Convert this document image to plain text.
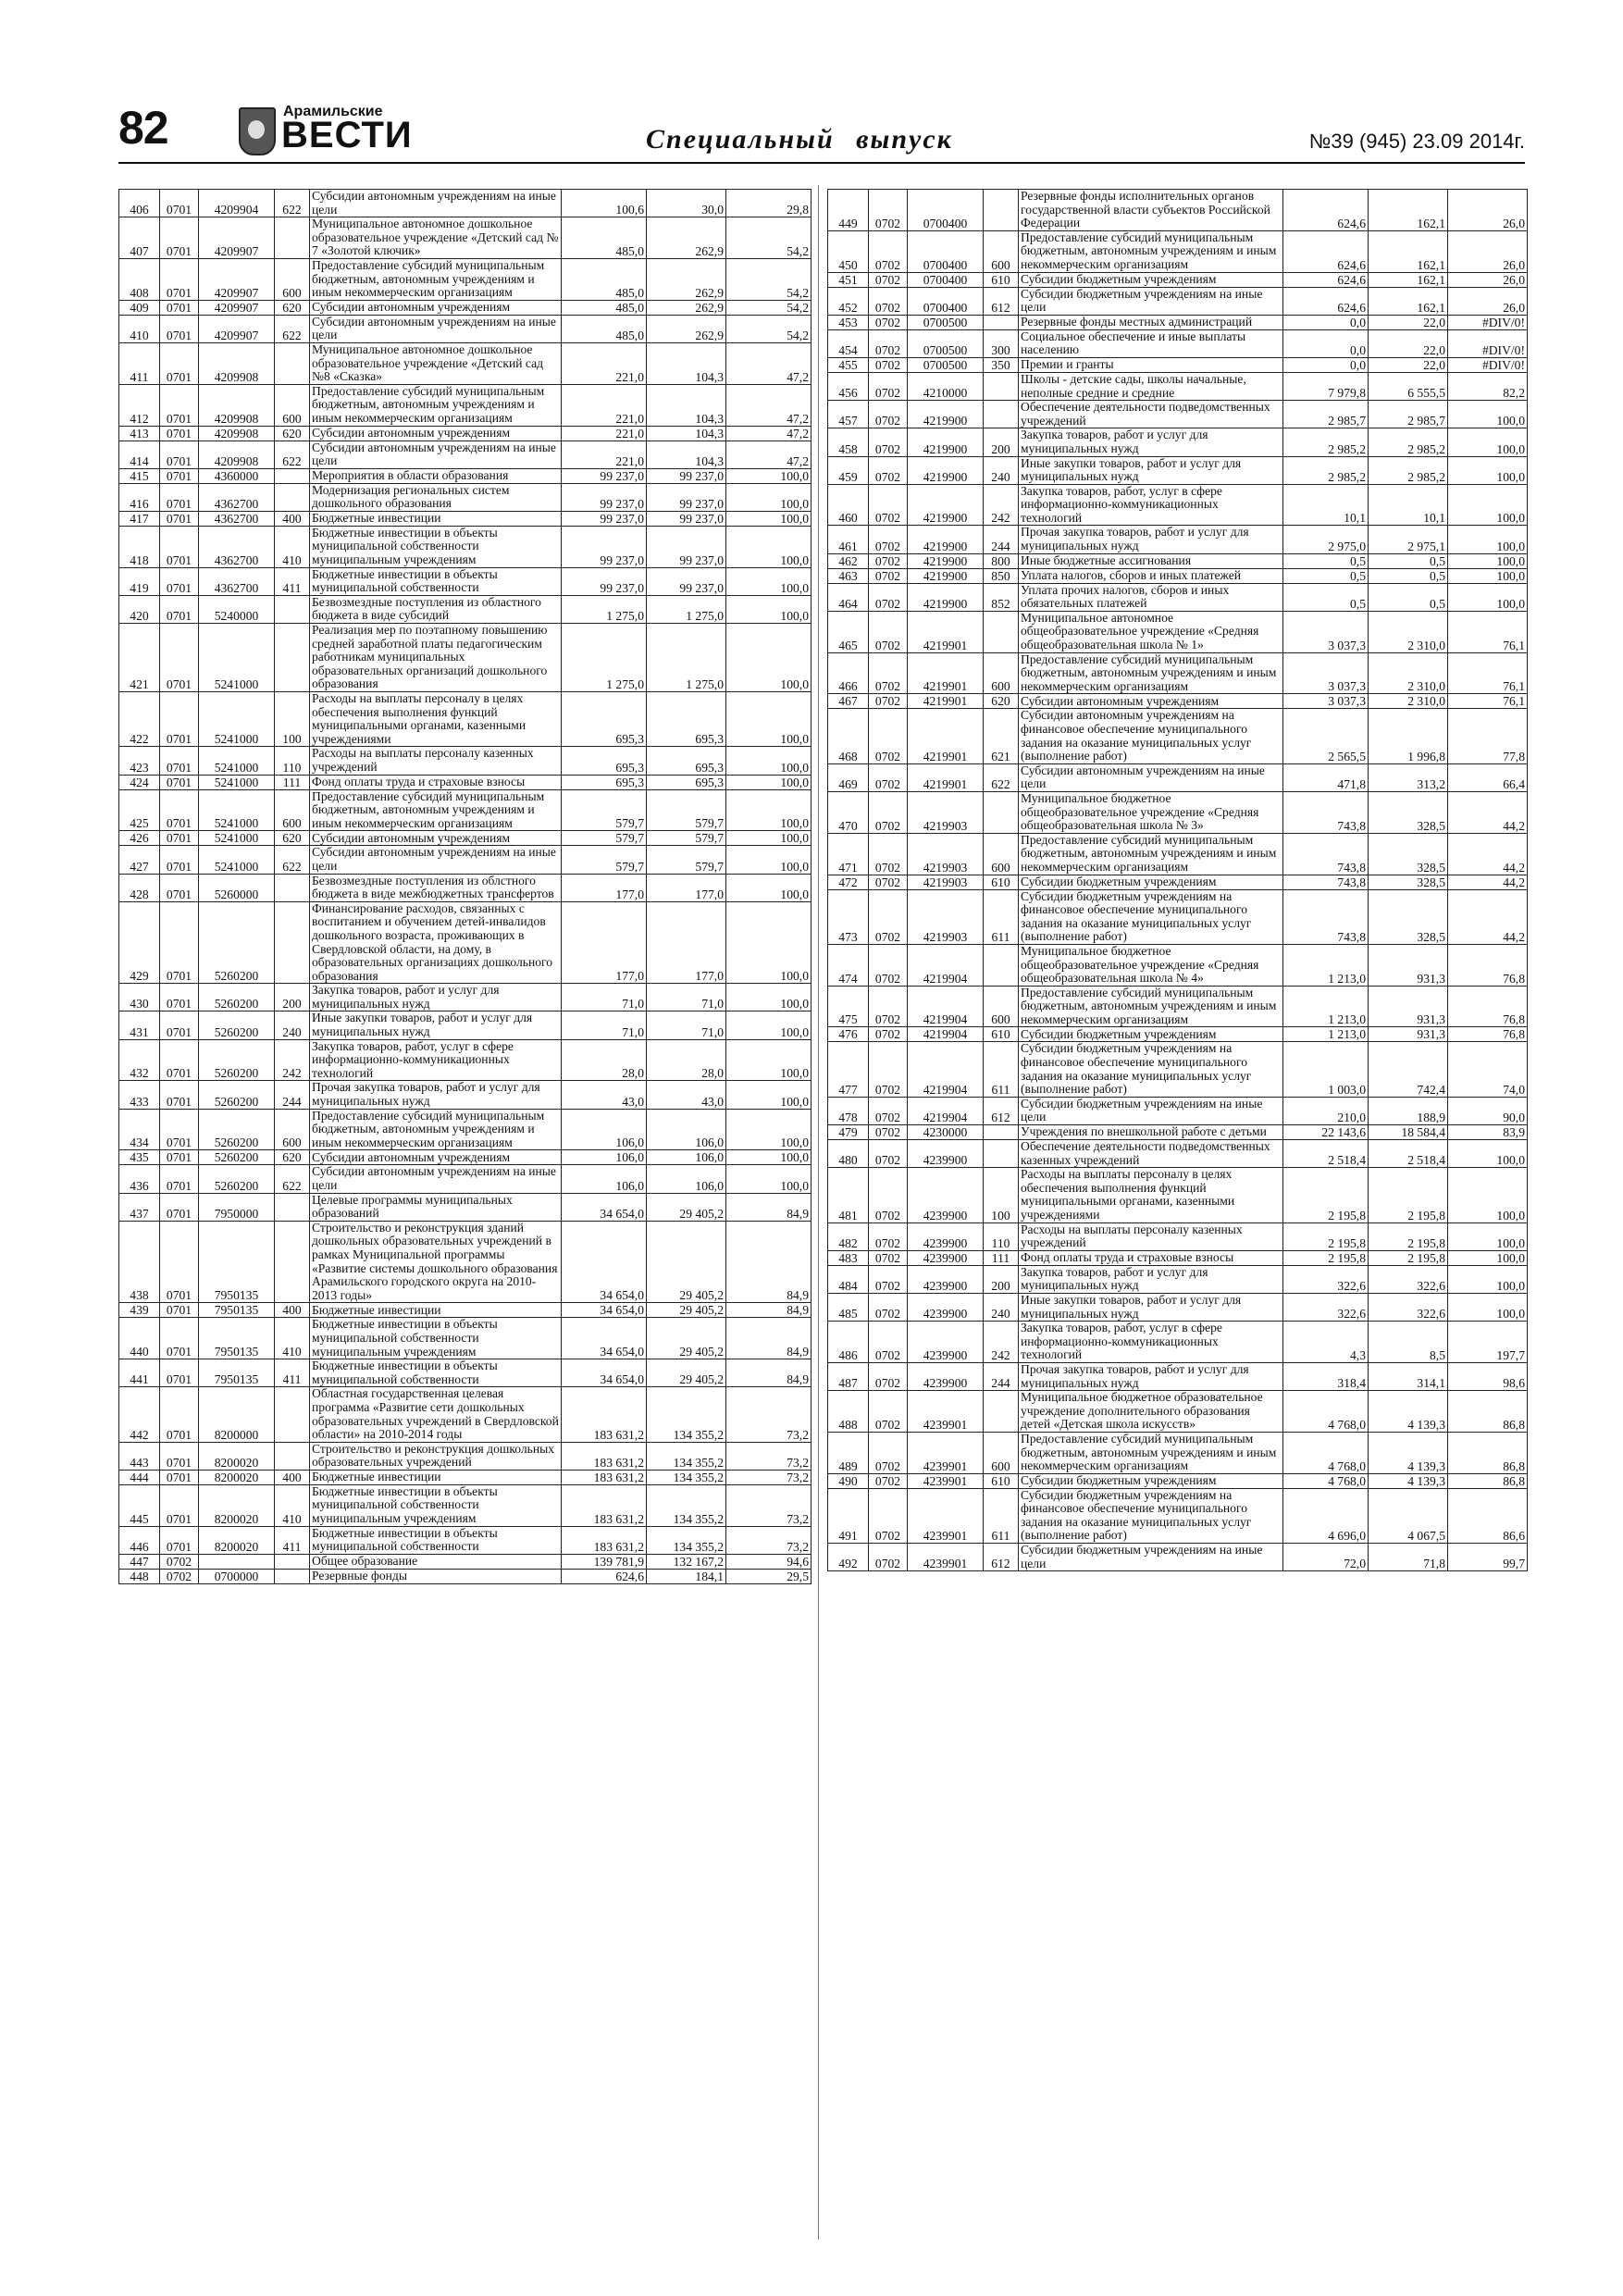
82	Арамильские
ВЕСТИ	Специальный выпуск	№39 (945) 23.09 2014г.
406	0701	4209904	622	Субсидии автономным учреждениям на иные цели	100,6	30,0	29,8
407	0701	4209907		Муниципальное автономное дошкольное образовательное учреждение «Детский сад № 7 «Золотой ключик»	485,0	262,9	54,2
408	0701	4209907	600	Предоставление субсидий муниципальным бюджетным, автономным учреждениям и иным некоммерческим организациям	485,0	262,9	54,2
409	0701	4209907	620	Субсидии автономным учреждениям	485,0	262,9	54,2
410	0701	4209907	622	Субсидии автономным учреждениям на иные цели	485,0	262,9	54,2
411	0701	4209908		Муниципальное автономное дошкольное образовательное учреждение «Детский сад №8 «Сказка»	221,0	104,3	47,2
412	0701	4209908	600	Предоставление субсидий муниципальным бюджетным, автономным учреждениям и иным некоммерческим организациям	221,0	104,3	47,2
413	0701	4209908	620	Субсидии автономным учреждениям	221,0	104,3	47,2
414	0701	4209908	622	Субсидии автономным учреждениям на иные цели	221,0	104,3	47,2
415	0701	4360000		Мероприятия в области образования	99 237,0	99 237,0	100,0
416	0701	4362700		Модернизация региональных систем дошкольного образования	99 237,0	99 237,0	100,0
417	0701	4362700	400	Бюджетные инвестиции	99 237,0	99 237,0	100,0
418	0701	4362700	410	Бюджетные инвестиции в объекты муниципальной собственности муниципальным учреждениям	99 237,0	99 237,0	100,0
419	0701	4362700	411	Бюджетные инвестиции в объекты муниципальной собственности	99 237,0	99 237,0	100,0
420	0701	5240000		Безвозмездные поступления из областного бюджета в виде субсидий	1 275,0	1 275,0	100,0
421	0701	5241000		Реализация мер по поэтапному повышению средней заработной платы педагогическим работникам муниципальных образовательных организаций дошкольного образования	1 275,0	1 275,0	100,0
422	0701	5241000	100	Расходы на выплаты персоналу в целях обеспечения выполнения функций муниципальными органами, казенными учреждениями	695,3	695,3	100,0
423	0701	5241000	110	Расходы на выплаты персоналу казенных учреждений	695,3	695,3	100,0
424	0701	5241000	111	Фонд оплаты труда и страховые взносы	695,3	695,3	100,0
425	0701	5241000	600	Предоставление субсидий муниципальным бюджетным, автономным учреждениям и иным некоммерческим организациям	579,7	579,7	100,0
426	0701	5241000	620	Субсидии автономным учреждениям	579,7	579,7	100,0
427	0701	5241000	622	Субсидии автономным учреждениям на иные цели	579,7	579,7	100,0
428	0701	5260000		Безвозмездные поступления из облстного бюджета в виде межбюджетных трансфертов	177,0	177,0	100,0
429	0701	5260200		Финансирование расходов, связанных с воспитанием и обучением детей-инвалидов дошкольного возраста, проживающих в Свердловской области, на дому, в образовательных организациях дошкольного образования	177,0	177,0	100,0
430	0701	5260200	200	Закупка товаров, работ и услуг для муниципальных нужд	71,0	71,0	100,0
431	0701	5260200	240	Иные закупки товаров, работ и услуг для муниципальных нужд	71,0	71,0	100,0
432	0701	5260200	242	Закупка товаров, работ, услуг в сфере информационно-коммуникационных технологий	28,0	28,0	100,0
433	0701	5260200	244	Прочая закупка товаров, работ и услуг для муниципальных нужд	43,0	43,0	100,0
434	0701	5260200	600	Предоставление субсидий муниципальным бюджетным, автономным учреждениям и иным некоммерческим организациям	106,0	106,0	100,0
435	0701	5260200	620	Субсидии автономным учреждениям	106,0	106,0	100,0
436	0701	5260200	622	Субсидии автономным учреждениям на иные цели	106,0	106,0	100,0
437	0701	7950000		Целевые программы муниципальных образований	34 654,0	29 405,2	84,9
438	0701	7950135		Строительство и реконструкция зданий дошкольных образовательных учреждений в рамках Муниципальной программы «Развитие системы дошкольного образования Арамильского городского округа на 2010-2013 годы»	34 654,0	29 405,2	84,9
439	0701	7950135	400	Бюджетные инвестиции	34 654,0	29 405,2	84,9
440	0701	7950135	410	Бюджетные инвестиции в объекты муниципальной собственности муниципальным учреждениям	34 654,0	29 405,2	84,9
441	0701	7950135	411	Бюджетные инвестиции в объекты муниципальной собственности	34 654,0	29 405,2	84,9
442	0701	8200000		Областная государственная целевая программа «Развитие сети дошкольных образовательных учреждений в Свердловской области» на 2010-2014 годы	183 631,2	134 355,2	73,2
443	0701	8200020		Строительство и реконструкция дошкольных образовательных учреждений	183 631,2	134 355,2	73,2
444	0701	8200020	400	Бюджетные инвестиции	183 631,2	134 355,2	73,2
445	0701	8200020	410	Бюджетные инвестиции в объекты муниципальной собственности муниципальным учреждениям	183 631,2	134 355,2	73,2
446	0701	8200020	411	Бюджетные инвестиции в объекты муниципальной собственности	183 631,2	134 355,2	73,2
447	0702			Общее образование	139 781,9	132 167,2	94,6
448	0702	0700000		Резервные фонды	624,6	184,1	29,5
449	0702	0700400		Резервные фонды исполнительных органов государственной власти субъектов Российской Федерации	624,6	162,1	26,0
450	0702	0700400	600	Предоставление субсидий муниципальным бюджетным, автономным учреждениям и иным некоммерческим организациям	624,6	162,1	26,0
451	0702	0700400	610	Субсидии бюджетным учреждениям	624,6	162,1	26,0
452	0702	0700400	612	Субсидии бюджетным учреждениям на иные цели	624,6	162,1	26,0
453	0702	0700500		Резервные фонды местных администраций	0,0	22,0	#DIV/0!
454	0702	0700500	300	Социальное обеспечение и иные выплаты населению	0,0	22,0	#DIV/0!
455	0702	0700500	350	Премии и гранты	0,0	22,0	#DIV/0!
456	0702	4210000		Школы - детские сады, школы начальные, неполные средние и средние	7 979,8	6 555,5	82,2
457	0702	4219900		Обеспечение деятельности подведомственных учреждений	2 985,7	2 985,7	100,0
458	0702	4219900	200	Закупка товаров, работ и услуг для муниципальных нужд	2 985,2	2 985,2	100,0
459	0702	4219900	240	Иные закупки товаров, работ и услуг для муниципальных нужд	2 985,2	2 985,2	100,0
460	0702	4219900	242	Закупка товаров, работ, услуг в сфере информационно-коммуникационных технологий	10,1	10,1	100,0
461	0702	4219900	244	Прочая закупка товаров, работ и услуг для муниципальных нужд	2 975,0	2 975,1	100,0
462	0702	4219900	800	Иные бюджетные ассигнования	0,5	0,5	100,0
463	0702	4219900	850	Уплата налогов, сборов и иных платежей	0,5	0,5	100,0
464	0702	4219900	852	Уплата прочих налогов, сборов и иных обязательных платежей	0,5	0,5	100,0
465	0702	4219901		Муниципальное автономное общеобразовательное учреждение «Средняя общеобразовательная школа № 1»	3 037,3	2 310,0	76,1
466	0702	4219901	600	Предоставление субсидий муниципальным бюджетным, автономным учреждениям и иным некоммерческим организациям	3 037,3	2 310,0	76,1
467	0702	4219901	620	Субсидии автономным учреждениям	3 037,3	2 310,0	76,1
468	0702	4219901	621	Субсидии автономным учреждениям на финансовое обеспечение муниципального задания на оказание муниципальных услуг (выполнение работ)	2 565,5	1 996,8	77,8
469	0702	4219901	622	Субсидии автономным учреждениям на иные цели	471,8	313,2	66,4
470	0702	4219903		Муниципальное бюджетное общеобразовательное учреждение «Средняя общеобразовательная школа № 3»	743,8	328,5	44,2
471	0702	4219903	600	Предоставление субсидий муниципальным бюджетным, автономным учреждениям и иным некоммерческим организациям	743,8	328,5	44,2
472	0702	4219903	610	Субсидии бюджетным учреждениям	743,8	328,5	44,2
473	0702	4219903	611	Субсидии бюджетным учреждениям на финансовое обеспечение муниципального задания на оказание муниципальных услуг (выполнение работ)	743,8	328,5	44,2
474	0702	4219904		Муниципальное бюджетное общеобразовательное учреждение «Средняя общеобразовательная школа № 4»	1 213,0	931,3	76,8
475	0702	4219904	600	Предоставление субсидий муниципальным бюджетным, автономным учреждениям и иным некоммерческим организациям	1 213,0	931,3	76,8
476	0702	4219904	610	Субсидии бюджетным учреждениям	1 213,0	931,3	76,8
477	0702	4219904	611	Субсидии бюджетным учреждениям на финансовое обеспечение муниципального задания на оказание муниципальных услуг (выполнение работ)	1 003,0	742,4	74,0
478	0702	4219904	612	Субсидии бюджетным учреждениям на иные цели	210,0	188,9	90,0
479	0702	4230000		Учреждения по внешкольной работе с детьми	22 143,6	18 584,4	83,9
480	0702	4239900		Обеспечение деятельности подведомственных казенных учреждений	2 518,4	2 518,4	100,0
481	0702	4239900	100	Расходы на выплаты персоналу в целях обеспечения выполнения функций муниципальными органами, казенными учреждениями	2 195,8	2 195,8	100,0
482	0702	4239900	110	Расходы на выплаты персоналу казенных учреждений	2 195,8	2 195,8	100,0
483	0702	4239900	111	Фонд оплаты труда и страховые взносы	2 195,8	2 195,8	100,0
484	0702	4239900	200	Закупка товаров, работ и услуг для муниципальных нужд	322,6	322,6	100,0
485	0702	4239900	240	Иные закупки товаров, работ и услуг для муниципальных нужд	322,6	322,6	100,0
486	0702	4239900	242	Закупка товаров, работ, услуг в сфере информационно-коммуникационных технологий	4,3	8,5	197,7
487	0702	4239900	244	Прочая закупка товаров, работ и услуг для муниципальных нужд	318,4	314,1	98,6
488	0702	4239901		Муниципальное бюджетное образовательное учреждение дополнительного образования детей «Детская школа искусств»	4 768,0	4 139,3	86,8
489	0702	4239901	600	Предоставление субсидий муниципальным бюджетным, автономным учреждениям и иным некоммерческим организациям	4 768,0	4 139,3	86,8
490	0702	4239901	610	Субсидии бюджетным учреждениям	4 768,0	4 139,3	86,8
491	0702	4239901	611	Субсидии бюджетным учреждениям на финансовое обеспечение муниципального задания на оказание муниципальных услуг (выполнение работ)	4 696,0	4 067,5	86,6
492	0702	4239901	612	Субсидии бюджетным учреждениям на иные цели	72,0	71,8	99,7
